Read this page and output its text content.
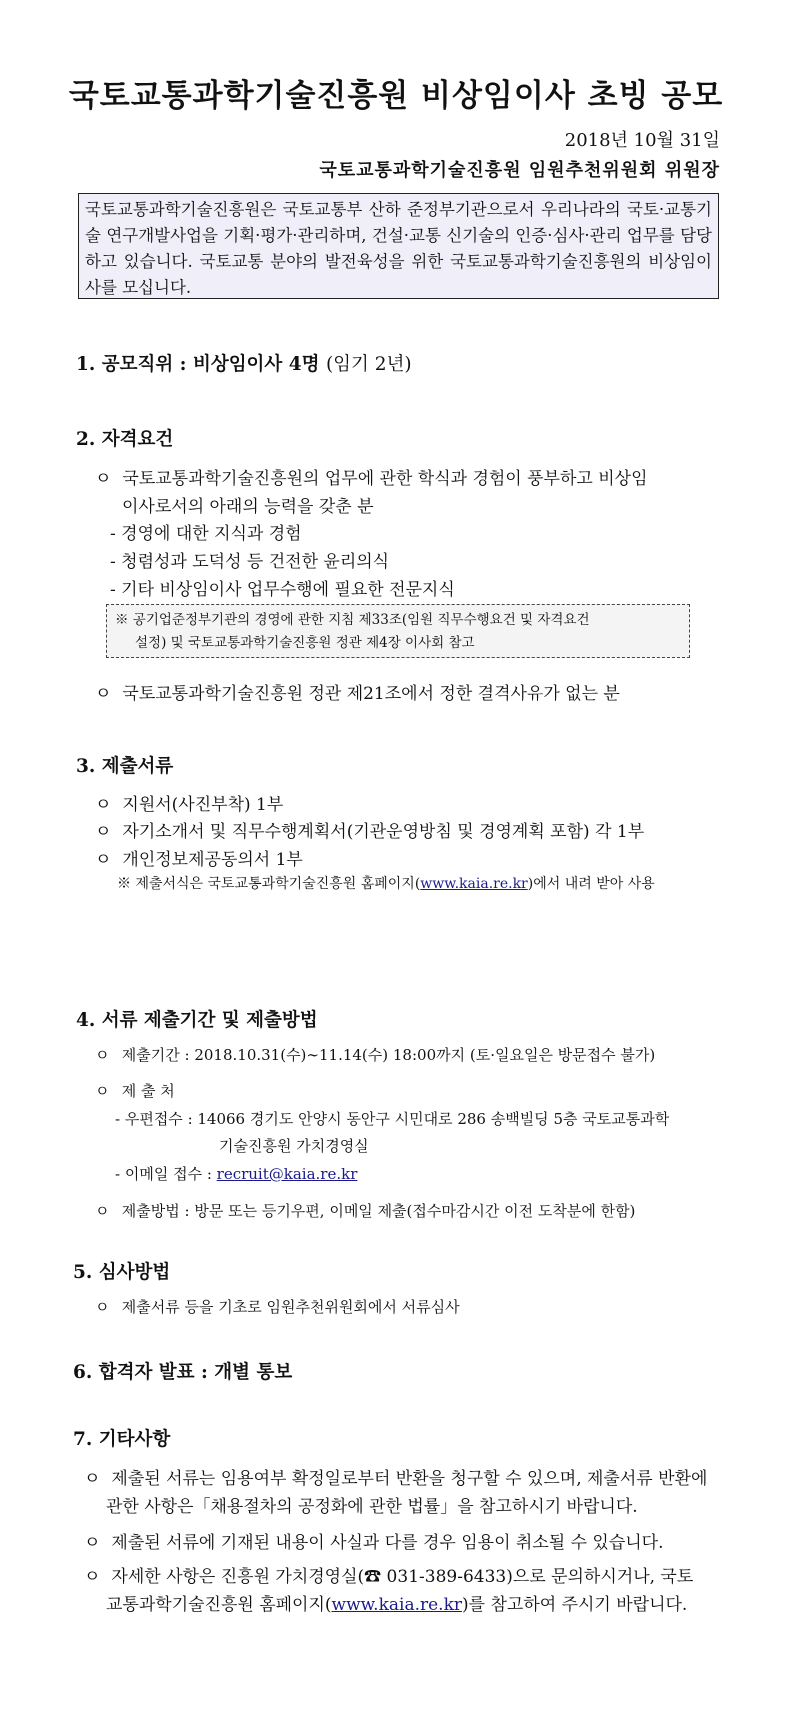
국토교통과학기술진흥원 비상임이사 초빙 공모
2018년 10월 31일
국토교통과학기술진흥원 임원추천위원회 위원장
국토교통과학기술진흥원은 국토교통부 산하 준정부기관으로서 우리나라의 국토·교통기술 연구개발사업을 기획·평가·관리하며, 건설·교통 신기술의 인증·심사·관리 업무를 담당하고 있습니다. 국토교통 분야의 발전육성을 위한 국토교통과학기술진흥원의 비상임이사를 모십니다.
1. 공모직위 : 비상임이사 4명 (임기 2년)
2. 자격요건
ㅇ 국토교통과학기술진흥원의 업무에 관한 학식과 경험이 풍부하고 비상임
이사로서의 아래의 능력을 갖춘 분
- 경영에 대한 지식과 경험
- 청렴성과 도덕성 등 건전한 윤리의식
- 기타 비상임이사 업무수행에 필요한 전문지식
※ 공기업준정부기관의 경영에 관한 지침 제33조(임원 직무수행요건 및 자격요건
설정) 및 국토교통과학기술진흥원 정관 제4장 이사회 참고
ㅇ 국토교통과학기술진흥원 정관 제21조에서 정한 결격사유가 없는 분
3. 제출서류
ㅇ 지원서(사진부착) 1부
ㅇ 자기소개서 및 직무수행계획서(기관운영방침 및 경영계획 포함) 각 1부
ㅇ 개인정보제공동의서 1부
※ 제출서식은 국토교통과학기술진흥원 홈페이지(www.kaia.re.kr)에서 내려 받아 사용
4. 서류 제출기간 및 제출방법
ㅇ 제출기간 : 2018.10.31(수)∼11.14(수) 18:00까지 (토·일요일은 방문접수 불가)
ㅇ 제 출 처
- 우편접수 : 14066 경기도 안양시 동안구 시민대로 286 송백빌딩 5층 국토교통과학
기술진흥원 가치경영실
- 이메일 접수 : recruit@kaia.re.kr
ㅇ 제출방법 : 방문 또는 등기우편, 이메일 제출(접수마감시간 이전 도착분에 한함)
5. 심사방법
ㅇ 제출서류 등을 기초로 임원추천위원회에서 서류심사
6. 합격자 발표 : 개별 통보
7. 기타사항
ㅇ 제출된 서류는 임용여부 확정일로부터 반환을 청구할 수 있으며, 제출서류 반환에
관한 사항은「채용절차의 공정화에 관한 법률」을 참고하시기 바랍니다.
ㅇ 제출된 서류에 기재된 내용이 사실과 다를 경우 임용이 취소될 수 있습니다.
ㅇ 자세한 사항은 진흥원 가치경영실(☎ 031-389-6433)으로 문의하시거나, 국토
교통과학기술진흥원 홈페이지(www.kaia.re.kr)를 참고하여 주시기 바랍니다.
